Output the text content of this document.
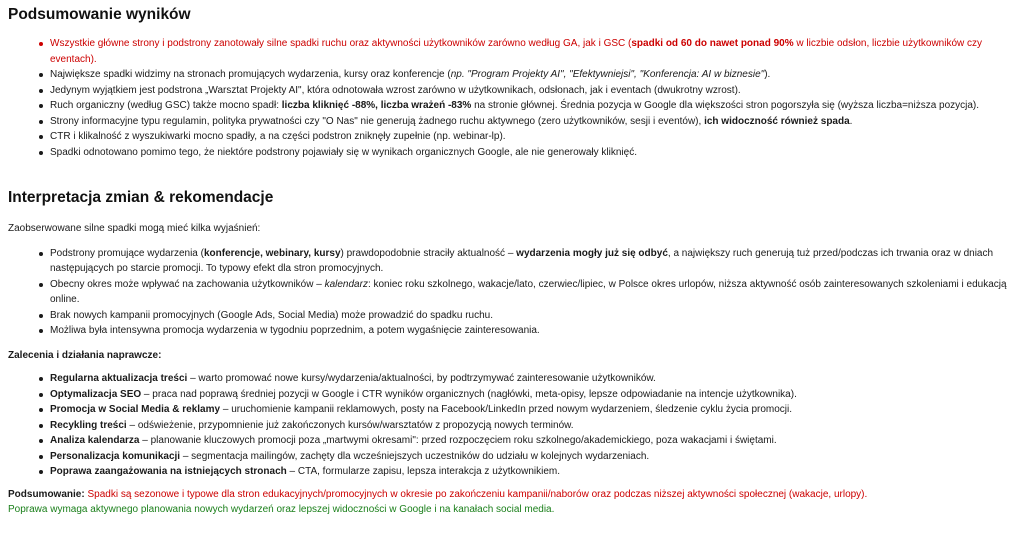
Podsumowanie wyników
Wszystkie główne strony i podstrony zanotowały silne spadki ruchu oraz aktywności użytkowników zarówno według GA, jak i GSC (spadki od 60 do nawet ponad 90% w liczbie odsłon, liczbie użytkowników czy eventach).
Największe spadki widzimy na stronach promujących wydarzenia, kursy oraz konferencje (np. "Program Projekty AI", "Efektywniejsi", "Konferencja: AI w biznesie").
Jedynym wyjątkiem jest podstrona „Warsztat Projekty AI", która odnotowała wzrost zarówno w użytkownikach, odsłonach, jak i eventach (dwukrotny wzrost).
Ruch organiczny (według GSC) także mocno spadł: liczba kliknięć -88%, liczba wrażeń -83% na stronie głównej. Średnia pozycja w Google dla większości stron pogorszyła się (wyższa liczba=niższa pozycja).
Strony informacyjne typu regulamin, polityka prywatności czy "O Nas" nie generują żadnego ruchu aktywnego (zero użytkowników, sesji i eventów), ich widoczność również spada.
CTR i klikalność z wyszukiwarki mocno spadły, a na części podstron zniknęły zupełnie (np. webinar-lp).
Spadki odnotowano pomimo tego, że niektóre podstrony pojawiały się w wynikach organicznych Google, ale nie generowały kliknięć.
Interpretacja zmian & rekomendacje

Zaobserwowane silne spadki mogą mieć kilka wyjaśnień:

Podstrony promujące wydarzenia (konferencje, webinary, kursy) prawdopodobnie straciły aktualność – wydarzenia mogły już się odbyć, a największy ruch generują tuż przed/podczas ich trwania oraz w dniach następujących po starcie promocji. To typowy efekt dla stron promocyjnych.
Obecny okres może wpływać na zachowania użytkowników – kalendarz: koniec roku szkolnego, wakacje/lato, czerwiec/lipiec, w Polsce okres urlopów, niższa aktywność osób zainteresowanych szkoleniami i edukacją online.
Brak nowych kampanii promocyjnych (Google Ads, Social Media) może prowadzić do spadku ruchu.
Możliwa była intensywna promocja wydarzenia w tygodniu poprzednim, a potem wygaśnięcie zainteresowania.

Zalecenia i działania naprawcze:

Regularna aktualizacja treści – warto promować nowe kursy/wydarzenia/aktualności, by podtrzymywać zainteresowanie użytkowników.
Optymalizacja SEO – praca nad poprawą średniej pozycji w Google i CTR wyników organicznych (nagłówki, meta-opisy, lepsze odpowiadanie na intencje użytkownika).
Promocja w Social Media & reklamy – uruchomienie kampanii reklamowych, posty na Facebook/LinkedIn przed nowym wydarzeniem, śledzenie cyklu życia promocji.
Recykling treści – odświeżenie, przypomnienie już zakończonych kursów/warsztatów z propozycją nowych terminów.
Analiza kalendarza – planowanie kluczowych promocji poza „martwymi okresami": przed rozpoczęciem roku szkolnego/akademickiego, poza wakacjami i świętami.
Personalizacja komunikacji – segmentacja mailingów, zachęty dla wcześniejszych uczestników do udziału w kolejnych wydarzeniach.
Poprawa zaangażowania na istniejących stronach – CTA, formularze zapisu, lepsza interakcja z użytkownikiem.

Podsumowanie: Spadki są sezonowe i typowe dla stron edukacyjnych/promocyjnych w okresie po zakończeniu kampanii/naborów oraz podczas niższej aktywności społecznej (wakacje, urlopy).

Poprawa wymaga aktywnego planowania nowych wydarzeń oraz lepszej widoczności w Google i na kanałach social media.
